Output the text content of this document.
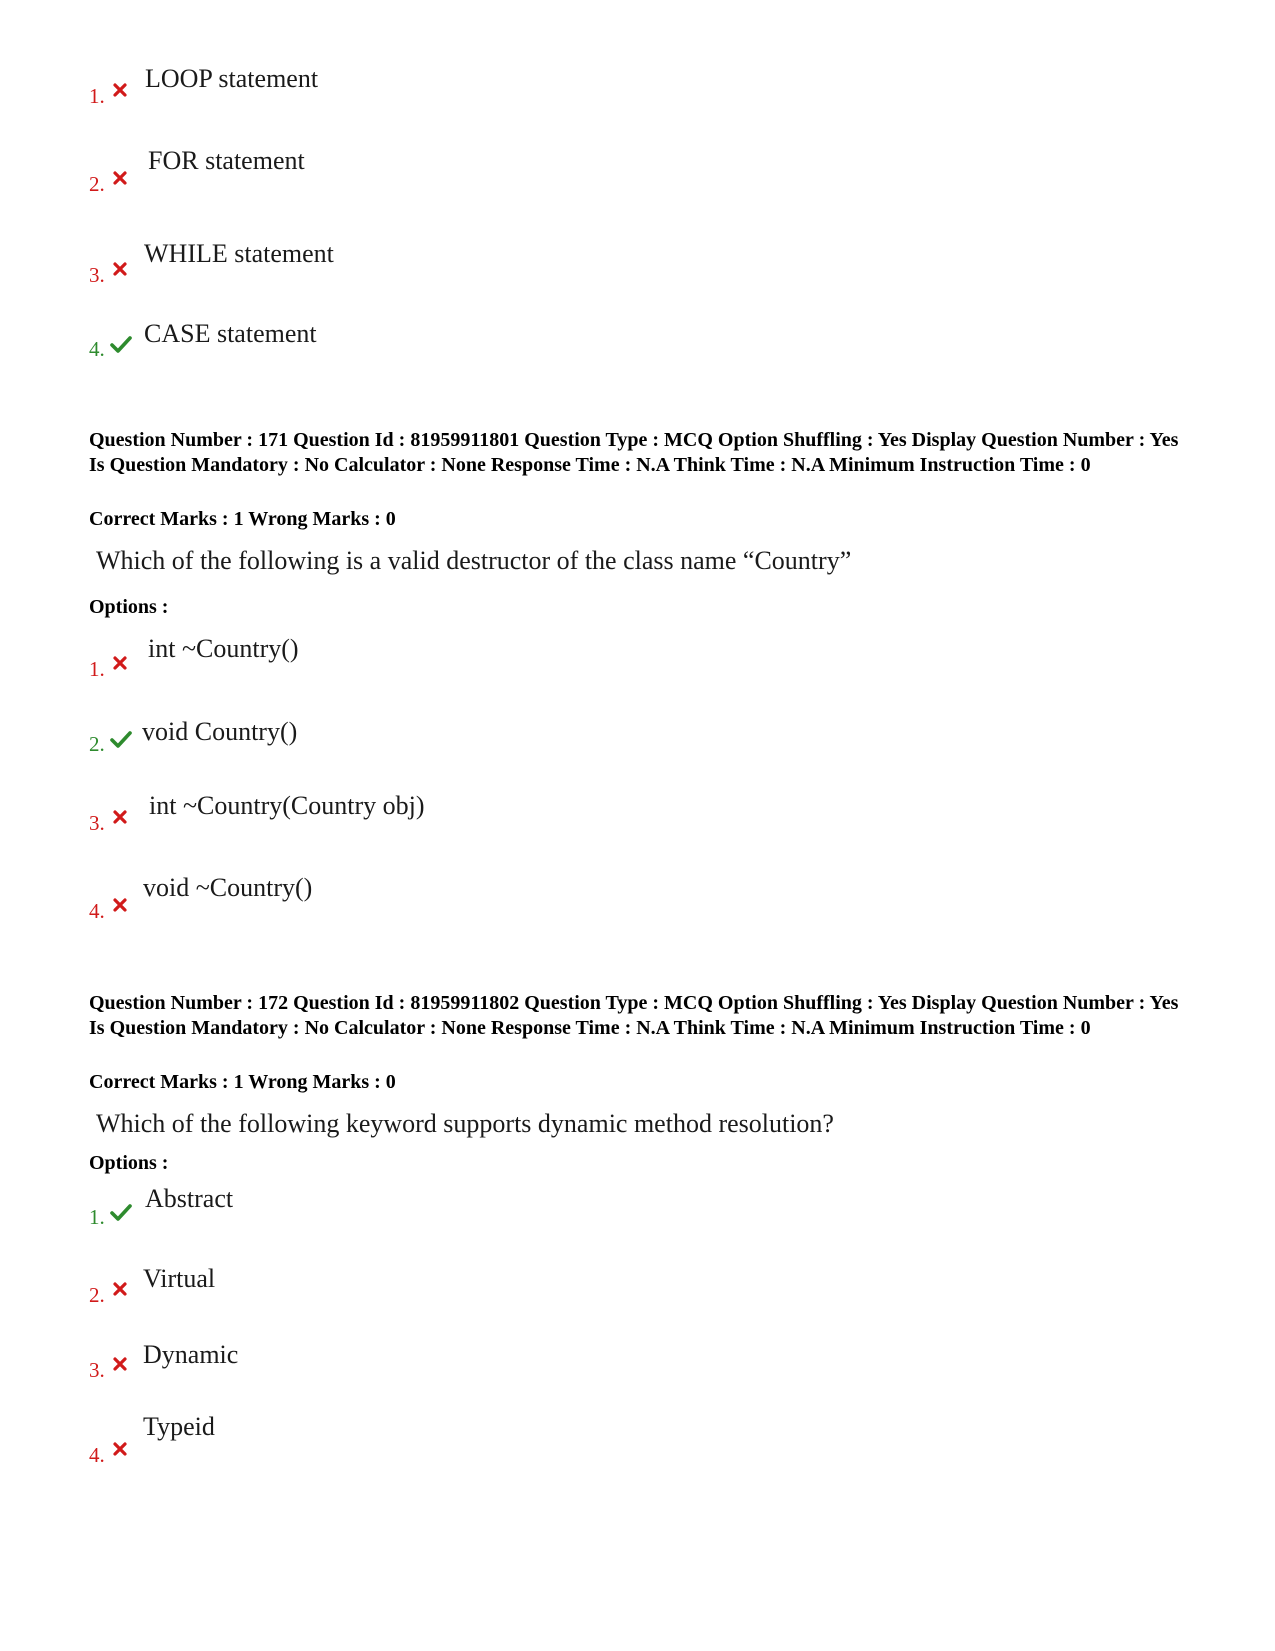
1.
LOOP statement
2.
FOR statement
3.
WHILE statement
4.
CASE statement
Question Number : 171 Question Id : 81959911801 Question Type : MCQ Option Shuffling : Yes Display Question Number : Yes Is Question Mandatory : No Calculator : None Response Time : N.A Think Time : N.A Minimum Instruction Time : 0
Correct Marks : 1 Wrong Marks : 0
Which of the following is a valid destructor of the class name “Country”
Options :
1.
int ~Country()
2. void Country()
3.
int ~Country(Country obj)
4.
void ~Country()
Question Number : 172 Question Id : 81959911802 Question Type : MCQ Option Shuffling : Yes Display Question Number : Yes Is Question Mandatory : No Calculator : None Response Time : N.A Think Time : N.A Minimum Instruction Time : 0
Correct Marks : 1 Wrong Marks : 0
Which of the following keyword supports dynamic method resolution?
Options :
1.
Abstract
2.
Virtual
3.
Dynamic
4.
Typeid
